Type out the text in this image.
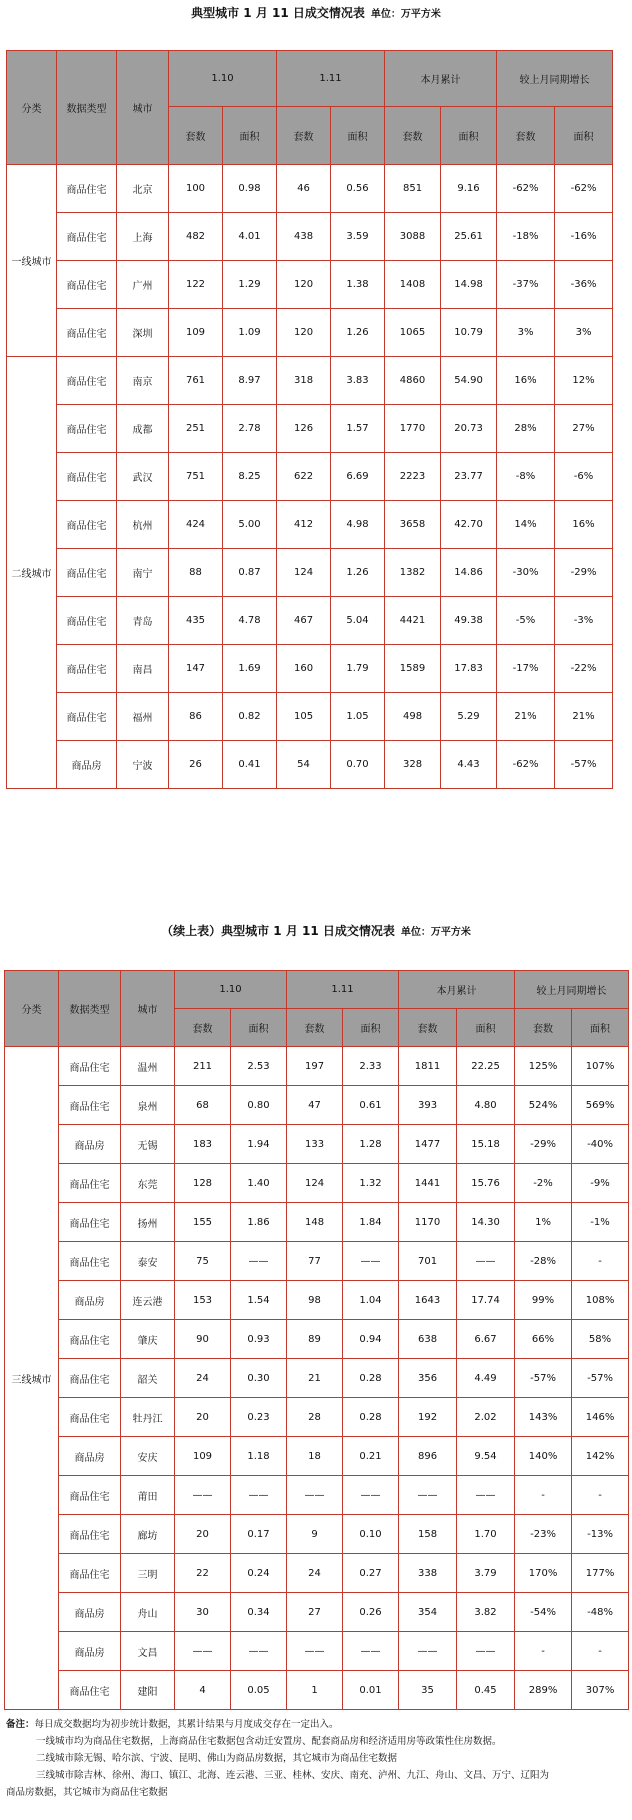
典型城市 1 月 11 日成交情况表 单位：万平方米
分类	数据类型	城市	1.10		1.11		本月累计		较上月同期增长	
			套数	面积	套数	面积	套数	面积	套数	面积
一线城市	商品住宅	北京	100	0.98	46	0.56	851	9.16	-62%	-62%
	商品住宅	上海	482	4.01	438	3.59	3088	25.61	-18%	-16%
	商品住宅	广州	122	1.29	120	1.38	1408	14.98	-37%	-36%
	商品住宅	深圳	109	1.09	120	1.26	1065	10.79	3%	3%
二线城市	商品住宅	南京	761	8.97	318	3.83	4860	54.90	16%	12%
	商品住宅	成都	251	2.78	126	1.57	1770	20.73	28%	27%
	商品住宅	武汉	751	8.25	622	6.69	2223	23.77	-8%	-6%
	商品住宅	杭州	424	5.00	412	4.98	3658	42.70	14%	16%
	商品住宅	南宁	88	0.87	124	1.26	1382	14.86	-30%	-29%
	商品住宅	青岛	435	4.78	467	5.04	4421	49.38	-5%	-3%
	商品住宅	南昌	147	1.69	160	1.79	1589	17.83	-17%	-22%
	商品住宅	福州	86	0.82	105	1.05	498	5.29	21%	21%
	商品房	宁波	26	0.41	54	0.70	328	4.43	-62%	-57%
（续上表）典型城市 1 月 11 日成交情况表 单位：万平方米
分类	数据类型	城市	1.10		1.11		本月累计		较上月同期增长	
			套数	面积	套数	面积	套数	面积	套数	面积
三线城市	商品住宅	温州	211	2.53	197	2.33	1811	22.25	125%	107%
	商品住宅	泉州	68	0.80	47	0.61	393	4.80	524%	569%
	商品房	无锡	183	1.94	133	1.28	1477	15.18	-29%	-40%
	商品住宅	东莞	128	1.40	124	1.32	1441	15.76	-2%	-9%
	商品住宅	扬州	155	1.86	148	1.84	1170	14.30	1%	-1%
	商品住宅	泰安	75	——	77	——	701	——	-28%	-
	商品房	连云港	153	1.54	98	1.04	1643	17.74	99%	108%
	商品住宅	肇庆	90	0.93	89	0.94	638	6.67	66%	58%
	商品住宅	韶关	24	0.30	21	0.28	356	4.49	-57%	-57%
	商品住宅	牡丹江	20	0.23	28	0.28	192	2.02	143%	146%
	商品房	安庆	109	1.18	18	0.21	896	9.54	140%	142%
	商品住宅	莆田	——	——	——	——	——	——	-	-
	商品住宅	廊坊	20	0.17	9	0.10	158	1.70	-23%	-13%
	商品住宅	三明	22	0.24	24	0.27	338	3.79	170%	177%
	商品房	舟山	30	0.34	27	0.26	354	3.82	-54%	-48%
	商品房	文昌	——	——	——	——	——	——	-	-
	商品住宅	建阳	4	0.05	1	0.01	35	0.45	289%	307%
备注：每日成交数据均为初步统计数据，其累计结果与月度成交存在一定出入。
一线城市均为商品住宅数据，上海商品住宅数据包含动迁安置房、配套商品房和经济适用房等政策性住房数据。
二线城市除无锡、哈尔滨、宁波、昆明、佛山为商品房数据，其它城市为商品住宅数据
三线城市除吉林、徐州、海口、镇江、北海、连云港、三亚、桂林、安庆、南充、泸州、九江、舟山、文昌、万宁、辽阳为
商品房数据，其它城市为商品住宅数据
